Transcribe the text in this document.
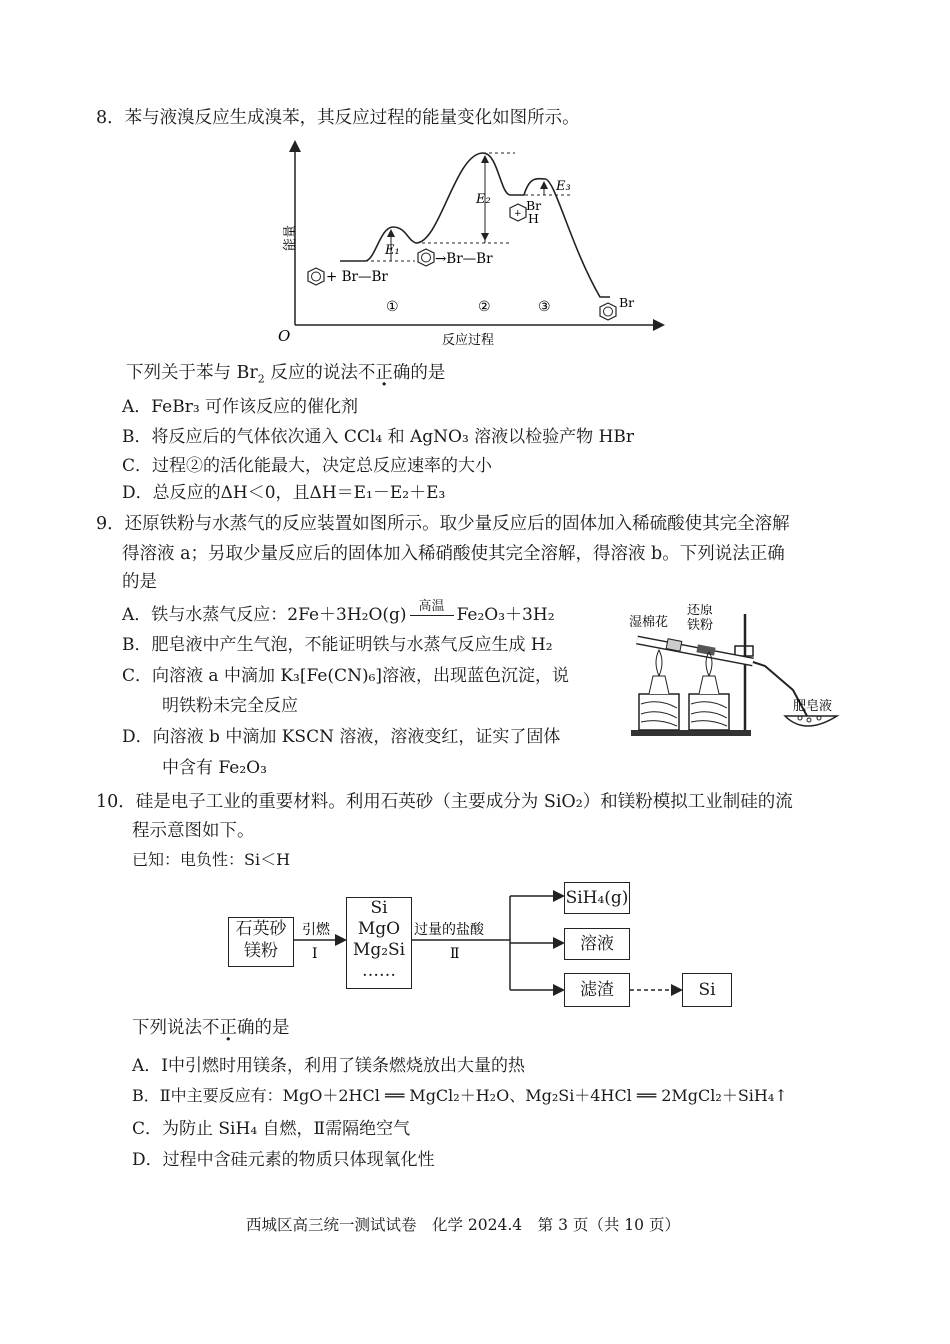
8．苯与液溴反应生成溴苯，其反应过程的能量变化如图所示。
O
能量
反应过程
E₁
E₂
E₃
+ Br—Br
→Br—Br
+
Br
H
Br
①	②	③
下列关于苯与 $Br_2$ 反应的说法不正确的是
A．FeBr₃ 可作该反应的催化剂
B．将反应后的气体依次通入 CCl₄ 和 AgNO₃ 溶液以检验产物 HBr
C．过程②的活化能最大，决定总反应速率的大小
D．总反应的ΔH＜0，且ΔH＝E₁－E₂＋E₃
9．还原铁粉与水蒸气的反应装置如图所示。取少量反应后的固体加入稀硫酸使其完全溶解
得溶液 a；另取少量反应后的固体加入稀硝酸使其完全溶解，得溶液 b。下列说法正确
的是
A．铁与水蒸气反应：2Fe＋3H₂O(g) 高温 Fe₂O₃＋3H₂
B．肥皂液中产生气泡，不能证明铁与水蒸气反应生成 H₂
C．向溶液 a 中滴加 K₃[Fe(CN)₆]溶液，出现蓝色沉淀，说
明铁粉未完全反应
D．向溶液 b 中滴加 KSCN 溶液，溶液变红，证实了固体
中含有 Fe₂O₃
湿棉花
还原
铁粉
肥皂液
10．硅是电子工业的重要材料。利用石英砂（主要成分为 SiO₂）和镁粉模拟工业制硅的流
程示意图如下。
已知：电负性：Si＜H
石英砂
镁粉
Si
MgO
Mg₂Si
……
SiH₄(g)
溶液
滤渣	Si
引燃
Ⅰ
过量的盐酸
Ⅱ
下列说法不正确的是
A．Ⅰ中引燃时用镁条，利用了镁条燃烧放出大量的热
B．Ⅱ中主要反应有：MgO＋2HCl ══ MgCl₂＋H₂O、Mg₂Si＋4HCl ══ 2MgCl₂＋SiH₄↑
C．为防止 SiH₄ 自燃，Ⅱ需隔绝空气
D．过程中含硅元素的物质只体现氧化性
西城区高三统一测试试卷　化学 2024.4　第 3 页（共 10 页）
